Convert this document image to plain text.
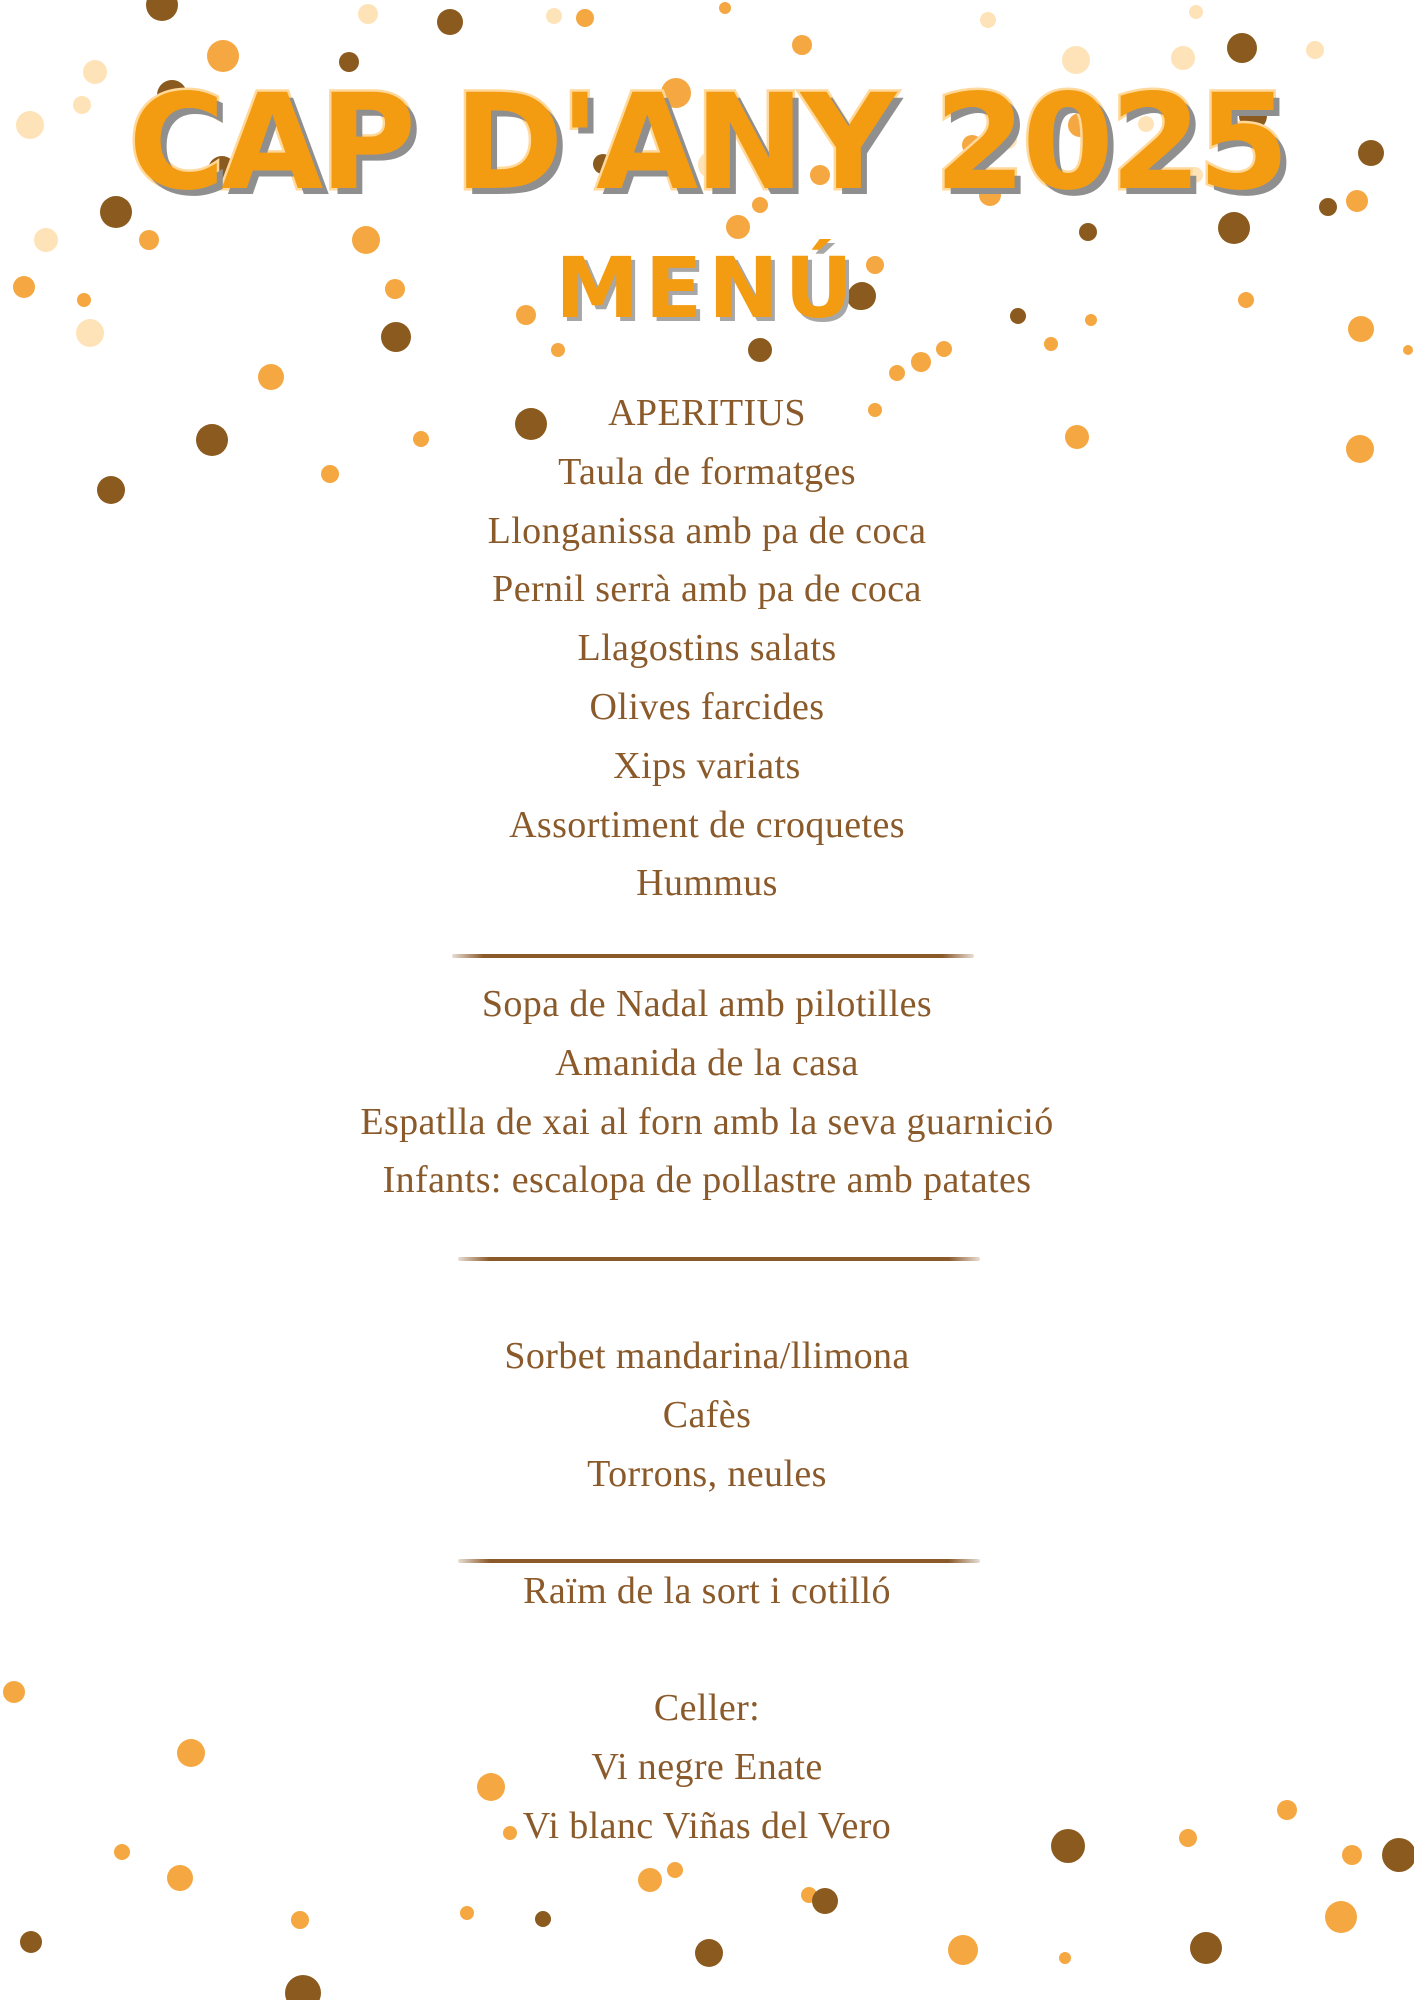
CAP D'ANY 2025
MENÚ
APERITIUS
Taula de formatges
Llonganissa amb pa de coca
Pernil serrà amb pa de coca
Llagostins salats
Olives farcides
Xips variats
Assortiment de croquetes
Hummus
Sopa de Nadal amb pilotilles
Amanida de la casa
Espatlla de xai al forn amb la seva guarnició
Infants: escalopa de pollastre amb patates
Sorbet mandarina/llimona
Cafès
Torrons, neules
Raïm de la sort i cotilló
Celler:
Vi negre Enate
Vi blanc Viñas del Vero
